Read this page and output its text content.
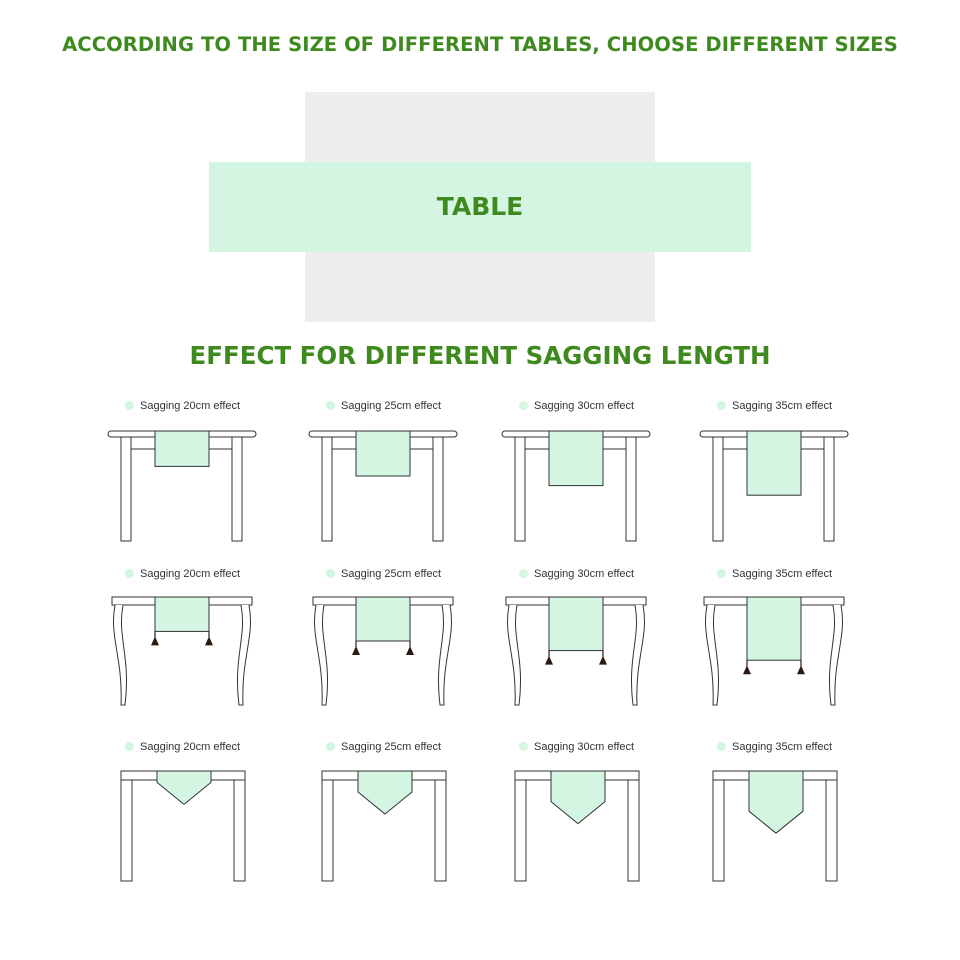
ACCORDING TO THE SIZE OF DIFFERENT TABLES, CHOOSE DIFFERENT SIZES
TABLE
EFFECT FOR DIFFERENT SAGGING LENGTH
Sagging 20cm effect	Sagging 25cm effect	Sagging 30cm effect	Sagging 35cm effect
Sagging 20cm effect	Sagging 25cm effect	Sagging 30cm effect	Sagging 35cm effect
Sagging 20cm effect	Sagging 25cm effect	Sagging 30cm effect	Sagging 35cm effect
